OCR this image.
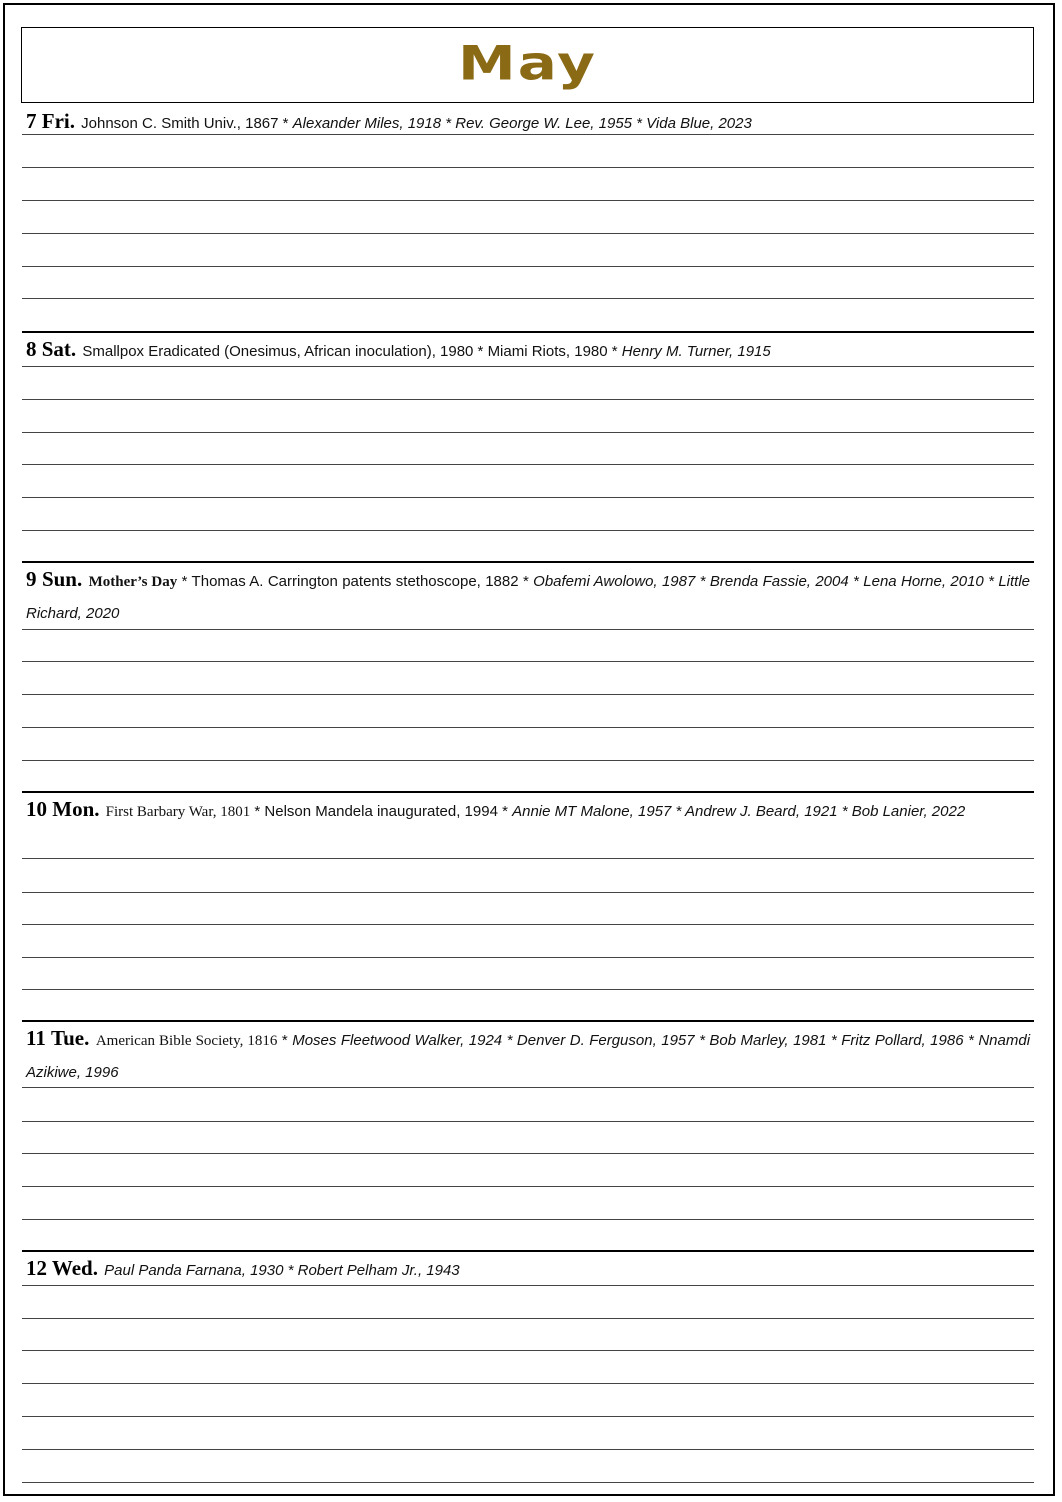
May
7 Fri. Johnson C. Smith Univ., 1867 * Alexander Miles, 1918 * Rev. George W. Lee, 1955 * Vida Blue, 2023
8 Sat. Smallpox Eradicated (Onesimus, African inoculation), 1980 * Miami Riots, 1980 * Henry M. Turner, 1915
9 Sun. Mother’s Day * Thomas A. Carrington patents stethoscope, 1882 * Obafemi Awolowo, 1987 * Brenda Fassie, 2004 * Lena Horne, 2010 * Little Richard, 2020
10 Mon. First Barbary War, 1801 * Nelson Mandela inaugurated, 1994 * Annie MT Malone, 1957 * Andrew J. Beard, 1921 * Bob Lanier, 2022
11 Tue. American Bible Society, 1816 * Moses Fleetwood Walker, 1924 * Denver D. Ferguson, 1957 * Bob Marley, 1981 * Fritz Pollard, 1986 * Nnamdi Azikiwe, 1996
12 Wed. Paul Panda Farnana, 1930 * Robert Pelham Jr., 1943
